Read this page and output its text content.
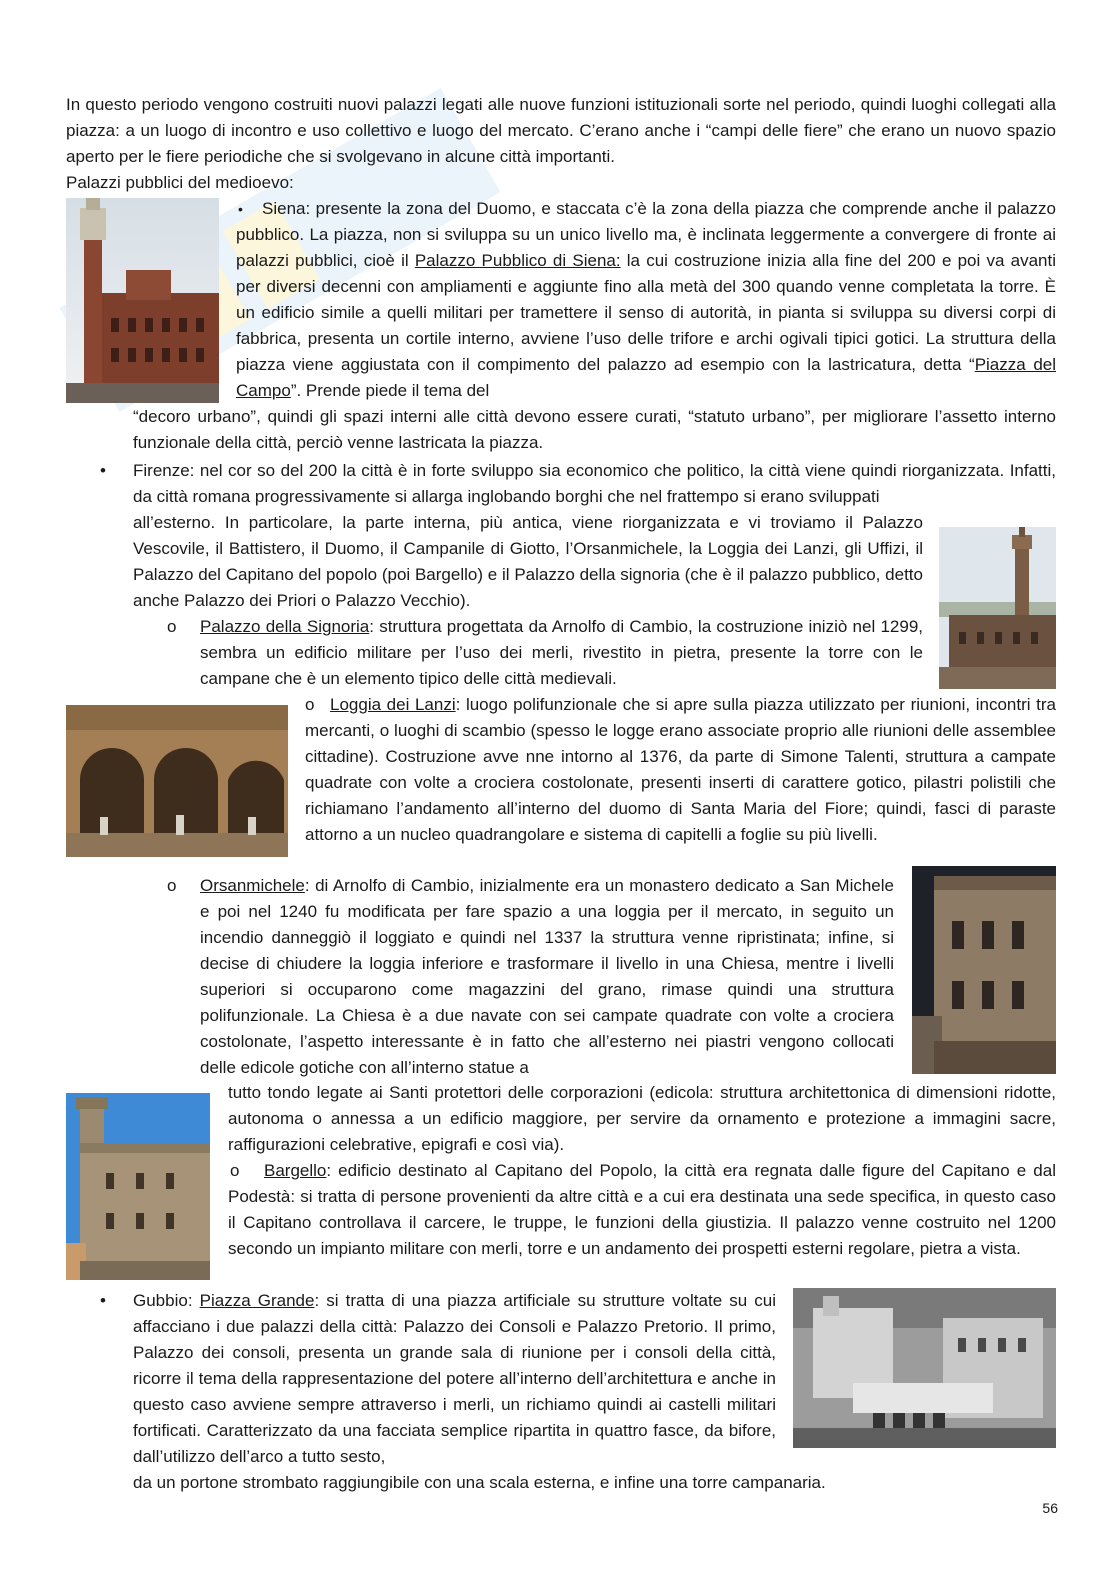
In questo periodo vengono costruiti nuovi palazzi legati alle nuove funzioni istituzionali sorte nel periodo, quindi luoghi collegati alla piazza: a un luogo di incontro e uso collettivo e luogo del mercato. C’erano anche i “campi delle fiere” che erano un nuovo spazio aperto per le fiere periodiche che si svolgevano in alcune città importanti.

Palazzi pubblici del medioevo:

•	Siena: presente la zona del Duomo, e staccata c’è la zona della piazza che comprende anche il palazzo pubblico. La piazza, non si sviluppa su un unico livello ma, è inclinata leggermente a convergere di fronte ai palazzi pubblici, cioè il Palazzo Pubblico di Siena: la cui costruzione inizia alla fine del 200 e poi va avanti per diversi decenni con ampliamenti e aggiunte fino alla metà del 300 quando venne completata la torre. È un edificio simile a quelli militari per tramettere il senso di autorità, in pianta si sviluppa su diversi corpi di fabbrica, presenta un cortile interno, avviene l’uso delle trifore e archi ogivali tipici gotici. La struttura della piazza viene aggiustata con il compimento del palazzo ad esempio con la lastricatura, detta “Piazza del Campo”. Prende piede il tema del

“decoro urbano”, quindi gli spazi interni alle città devono essere curati, “statuto urbano”, per migliorare l’assetto interno funzionale della città, perciò venne lastricata la piazza.

• Firenze: nel cor so del 200 la città è in forte sviluppo sia economico che politico, la città viene quindi riorganizzata. Infatti, da città romana progressivamente si allarga inglobando borghi che nel frattempo si erano sviluppati

all’esterno. In particolare, la parte interna, più antica, viene riorganizzata e vi troviamo il Palazzo Vescovile, il Battistero, il Duomo, il Campanile di Giotto, l’Orsanmichele, la Loggia dei Lanzi, gli Uffizi, il Palazzo del Capitano del popolo (poi Bargello) e il Palazzo della signoria (che è il palazzo pubblico, detto anche Palazzo dei Priori o Palazzo Vecchio).

o Palazzo della Signoria: struttura progettata da Arnolfo di Cambio, la costruzione iniziò nel 1299, sembra un edificio militare per l’uso dei merli, rivestito in pietra, presente la torre con le campane che è un elemento tipico delle città medievali.

o Loggia dei Lanzi: luogo polifunzionale che si apre sulla piazza utilizzato per riunioni, incontri tra mercanti, o luoghi di scambio (spesso le logge erano associate proprio alle riunioni delle assemblee cittadine). Costruzione avve nne intorno al 1376, da parte di Simone Talenti, struttura a campate quadrate con volte a crociera costolonate, presenti inserti di carattere gotico, pilastri polistili che richiamano l’andamento all’interno del duomo di Santa Maria del Fiore; quindi, fasci di paraste attorno a un nucleo quadrangolare e sistema di capitelli a foglie su più livelli.

o Orsanmichele: di Arnolfo di Cambio, inizialmente era un monastero dedicato a San Michele e poi nel 1240 fu modificata per fare spazio a una loggia per il mercato, in seguito un incendio danneggiò il loggiato e quindi nel 1337 la struttura venne ripristinata; infine, si decise di chiudere la loggia inferiore e trasformare il livello in una Chiesa, mentre i livelli superiori si occuparono come magazzini del grano, rimase quindi una struttura polifunzionale. La Chiesa è a due navate con sei campate quadrate con volte a crociera costolonate, l’aspetto interessante è in fatto che all’esterno nei piastri vengono collocati delle edicole gotiche con all’interno statue a

tutto tondo legate ai Santi protettori delle corporazioni (edicola: struttura architettonica di dimensioni ridotte, autonoma o annessa a un edificio maggiore, per servire da ornamento e protezione a immagini sacre, raffigurazioni celebrative, epigrafi e così via).

o	Bargello: edificio destinato al Capitano del Popolo, la città era regnata dalle figure del Capitano e dal Podestà: si tratta di persone provenienti da altre città e a cui era destinata una sede specifica, in questo caso il Capitano controllava il carcere, le truppe, le funzioni della giustizia. Il palazzo venne costruito nel 1200 secondo un impianto militare con merli, torre e un andamento dei prospetti esterni regolare, pietra a vista.

• Gubbio: Piazza Grande: si tratta di una piazza artificiale su strutture voltate su cui affacciano i due palazzi della città: Palazzo dei Consoli e Palazzo Pretorio. Il primo, Palazzo dei consoli, presenta un grande sala di riunione per i consoli della città, ricorre il tema della rappresentazione del potere all’interno dell’architettura e anche in questo caso avviene sempre attraverso i merli, un richiamo quindi ai castelli militari fortificati. Caratterizzato da una facciata semplice ripartita in quattro fasce, da bifore, dall’utilizzo dell’arco a tutto sesto,

da un portone strombato raggiungibile con una scala esterna, e infine una torre campanaria.

56
